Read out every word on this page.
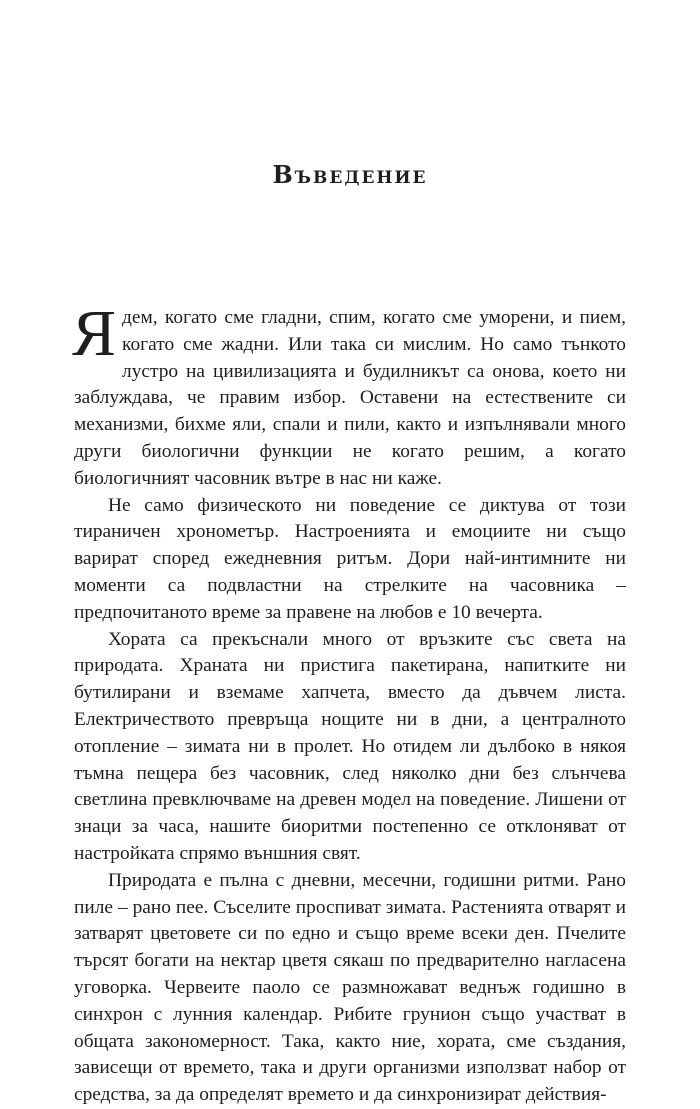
Въведение

Ядем, когато сме гладни, спим, когато сме уморени, и пием, когато сме жадни. Или така си мислим. Но само тънкото лустро на цивилизацията и будилникът са онова, което ни заблуждава, че правим избор. Оставени на естествените си механизми, бихме яли, спали и пили, както и изпълнявали много други биологични функции не когато решим, а когато биологичният часовник вътре в нас ни каже.

Не само физическото ни поведение се диктува от този тираничен хронометър. Настроенията и емоциите ни също варират според ежедневния ритъм. Дори най-интимните ни моменти са подвластни на стрелките на часовника – предпочитаното време за правене на любов е 10 вечерта.

Хората са прекъснали много от връзките със света на природата. Храната ни пристига пакетирана, напитките ни бутилирани и вземаме хапчета, вместо да дъвчем листа. Електричеството превръща нощите ни в дни, а централното отопление – зимата ни в пролет. Но отидем ли дълбоко в някоя тъмна пещера без часовник, след няколко дни без слънчева светлина превключваме на древен модел на поведение. Лишени от знаци за часа, нашите биоритми постепенно се отклоняват от настройката спрямо външния свят.

Природата е пълна с дневни, месечни, годишни ритми. Рано пиле – рано пее. Съселите проспиват зимата. Растенията отварят и затварят цветовете си по едно и също време всеки ден. Пчелите търсят богати на нектар цветя сякаш по предварително нагласена уговорка. Червеите паоло се размножават веднъж годишно в синхрон с лунния календар. Рибите грунион също участват в общата закономерност. Така, както ние, хората, сме създания, зависещи от времето, така и други организми използват набор от средства, за да определят времето и да синхронизират действия-
